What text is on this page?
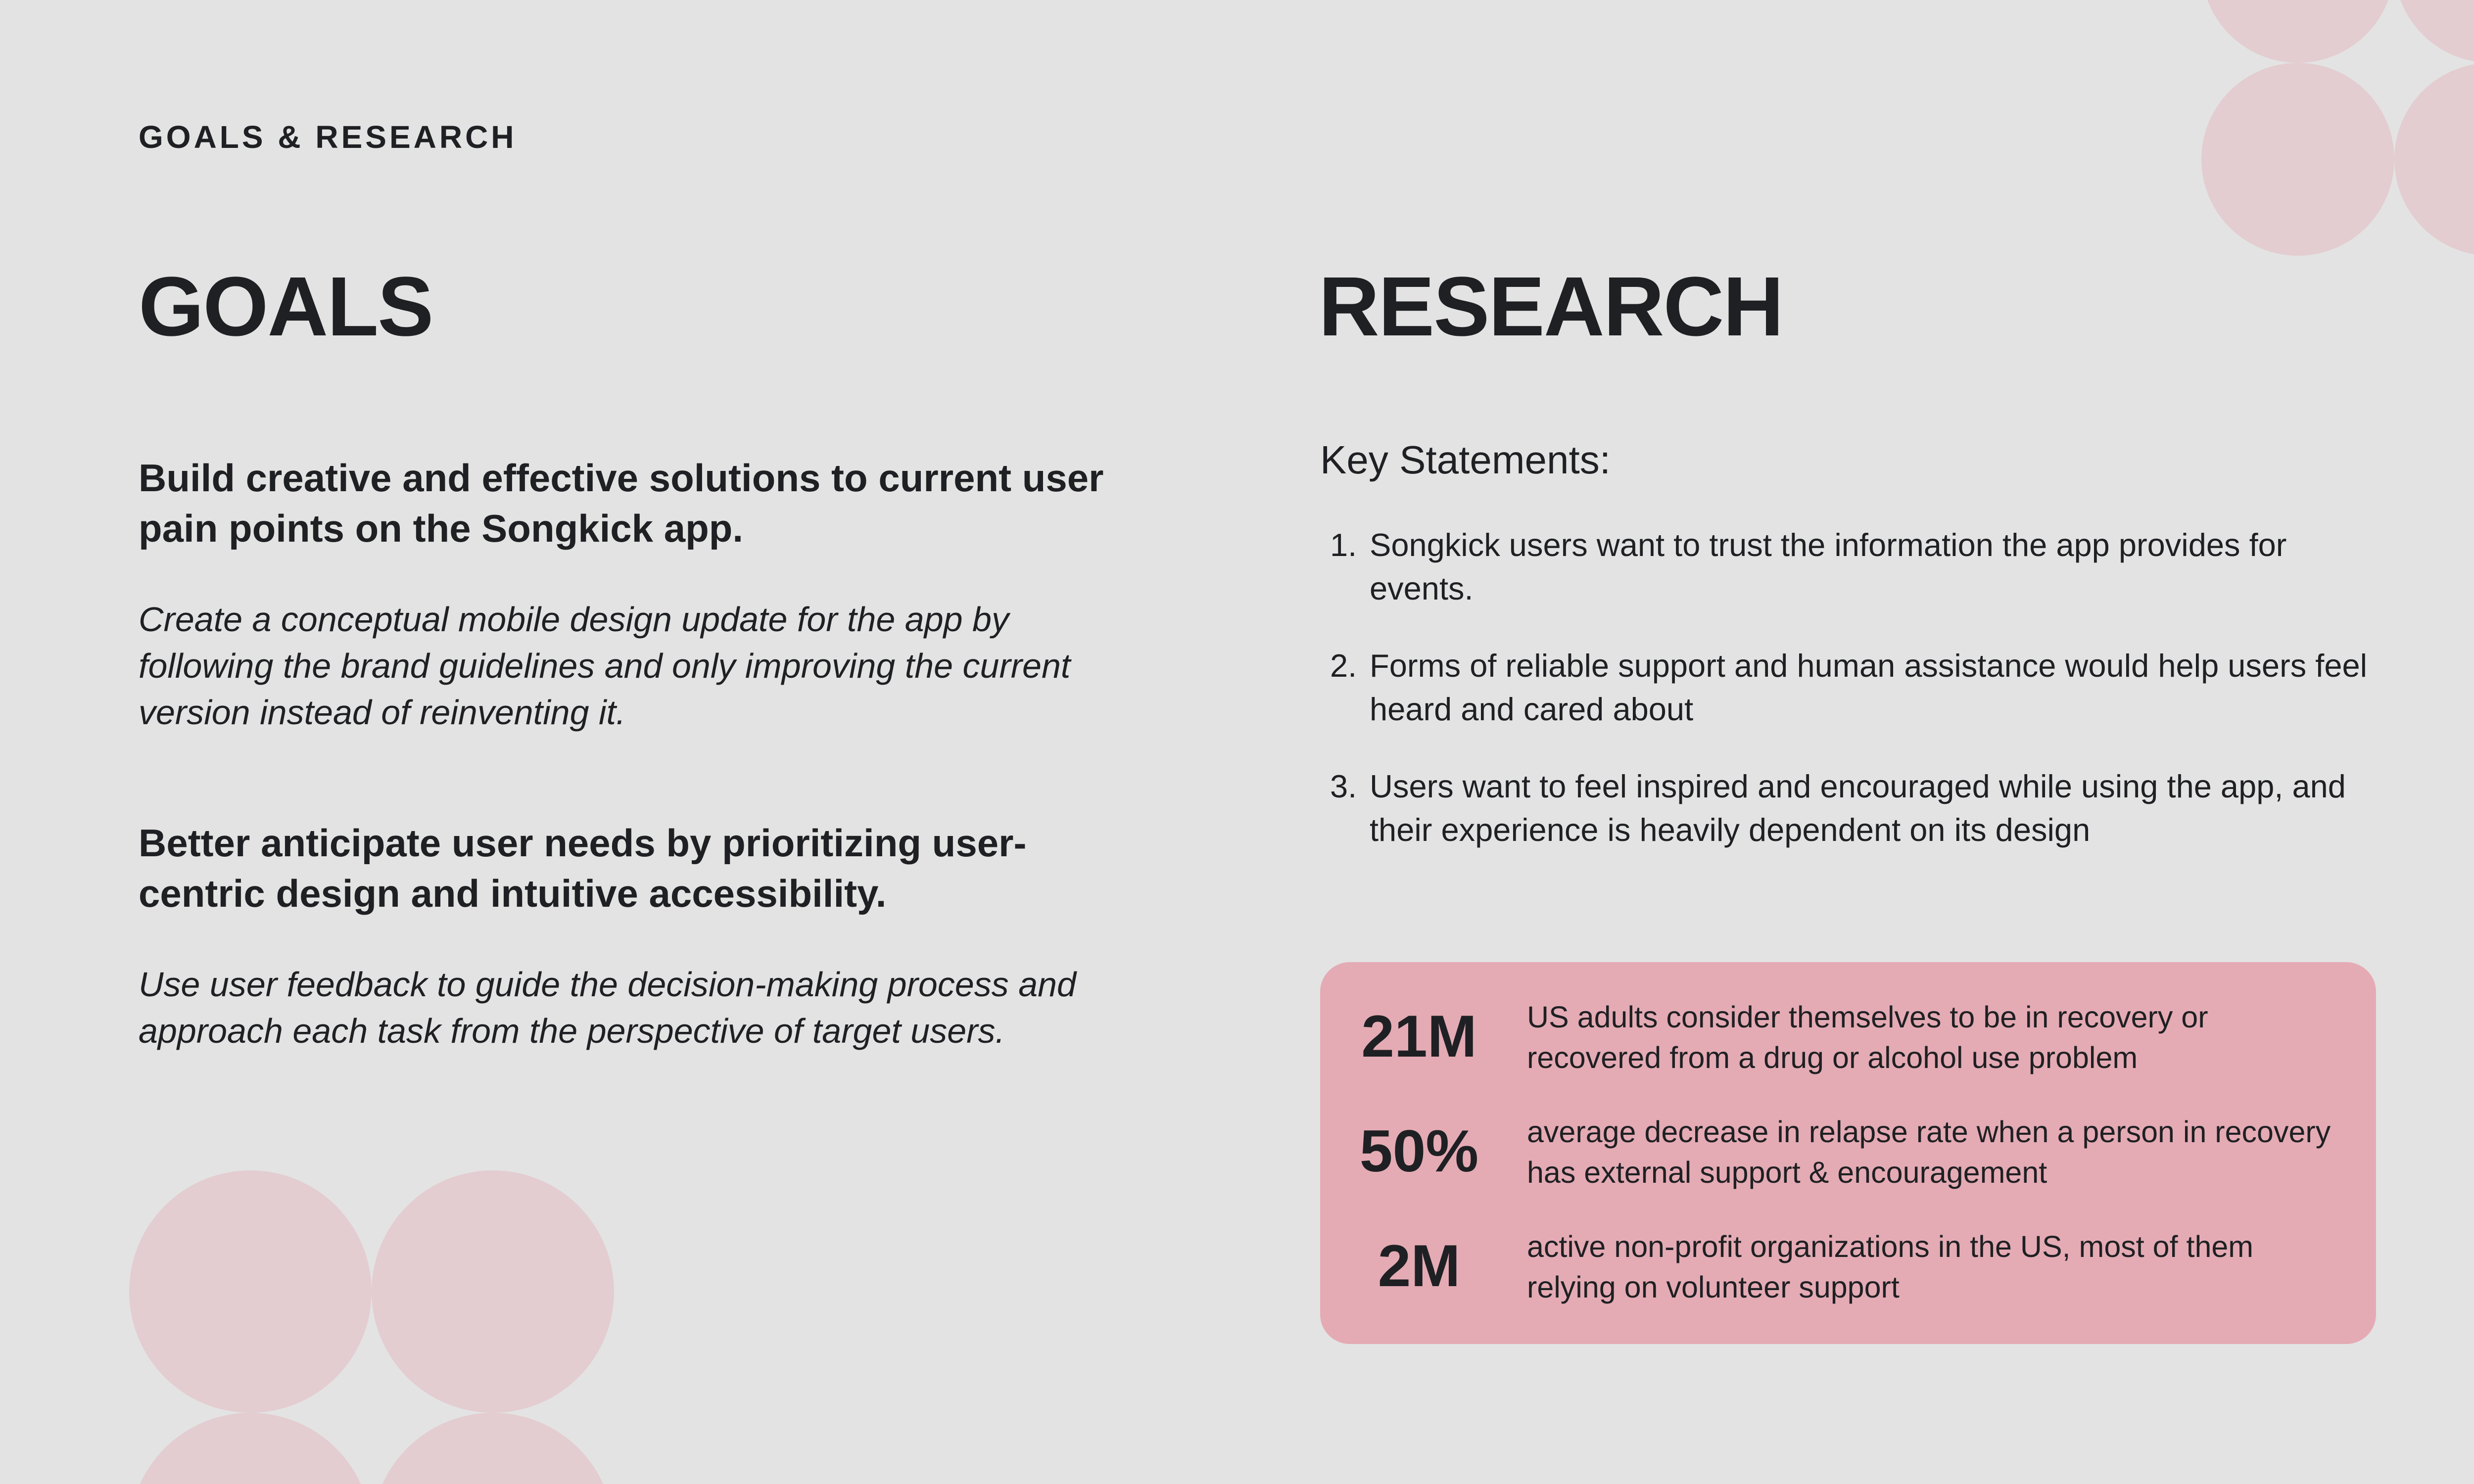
GOALS & RESEARCH
GOALS
Build creative and effective solutions to current user pain points on the Songkick app.
Create a conceptual mobile design update for the app by following the brand guidelines and only improving the current version instead of reinventing it.
Better anticipate user needs by prioritizing user-centric design and intuitive accessibility.
Use user feedback to guide the decision-making process and approach each task from the perspective of target users.
RESEARCH
Key Statements:
1. Songkick users want to trust the information the app provides for events.
2. Forms of reliable support and human assistance would help users feel heard and cared about
3. Users want to feel inspired and encouraged while using the app, and their experience is heavily dependent on its design
21M	US adults consider themselves to be in recovery or recovered from a drug or alcohol use problem
50%	average decrease in relapse rate when a person in recovery has external support & encouragement
2M	active non-profit organizations in the US, most of them relying on volunteer support
